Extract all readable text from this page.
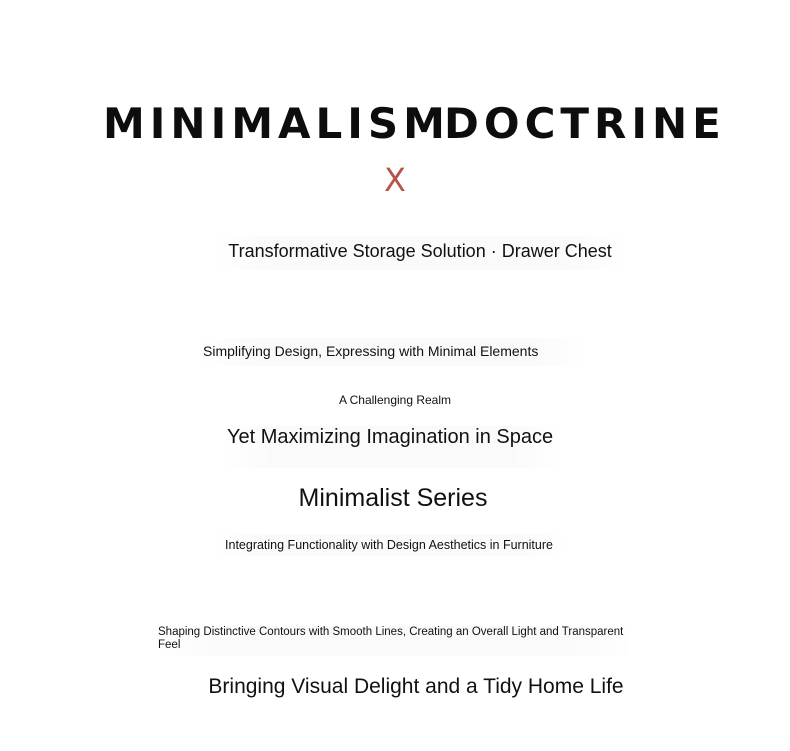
MINIMALISM
DOCTRINE
X
Transformative Storage Solution · Drawer Chest
Simplifying Design, Expressing with Minimal Elements
A Challenging Realm
Yet Maximizing Imagination in Space
Minimalist Series
Integrating Functionality with Design Aesthetics in Furniture
Shaping Distinctive Contours with Smooth Lines, Creating an Overall Light and Transparent Feel
Bringing Visual Delight and a Tidy Home Life
